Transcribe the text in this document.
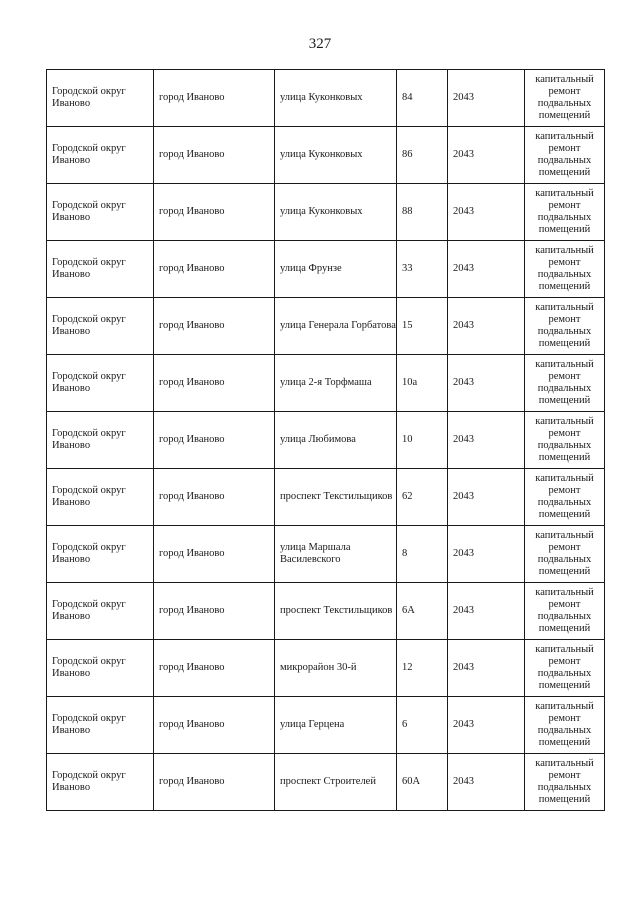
327
Городской округ Иваново	город Иваново	улица Куконковых	84	2043	капитальный ремонт подвальных помещений
Городской округ Иваново	город Иваново	улица Куконковых	86	2043	капитальный ремонт подвальных помещений
Городской округ Иваново	город Иваново	улица Куконковых	88	2043	капитальный ремонт подвальных помещений
Городской округ Иваново	город Иваново	улица Фрунзе	33	2043	капитальный ремонт подвальных помещений
Городской округ Иваново	город Иваново	улица Генерала Горбатова	15	2043	капитальный ремонт подвальных помещений
Городской округ Иваново	город Иваново	улица 2-я Торфмаша	10а	2043	капитальный ремонт подвальных помещений
Городской округ Иваново	город Иваново	улица Любимова	10	2043	капитальный ремонт подвальных помещений
Городской округ Иваново	город Иваново	проспект Текстильщиков	62	2043	капитальный ремонт подвальных помещений
Городской округ Иваново	город Иваново	улица Маршала Василевского	8	2043	капитальный ремонт подвальных помещений
Городской округ Иваново	город Иваново	проспект Текстильщиков	6А	2043	капитальный ремонт подвальных помещений
Городской округ Иваново	город Иваново	микрорайон 30-й	12	2043	капитальный ремонт подвальных помещений
Городской округ Иваново	город Иваново	улица Герцена	6	2043	капитальный ремонт подвальных помещений
Городской округ Иваново	город Иваново	проспект Строителей	60А	2043	капитальный ремонт подвальных помещений
